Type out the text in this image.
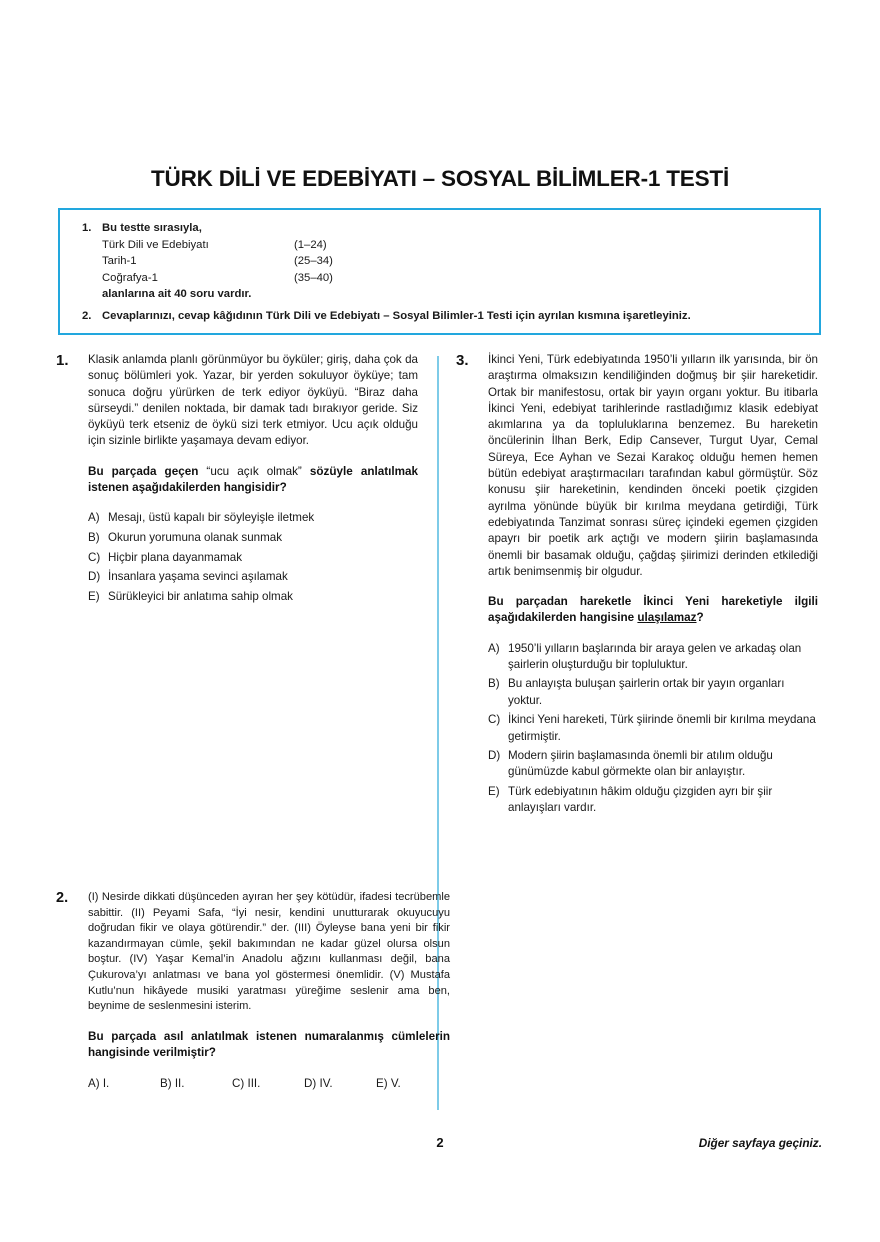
TÜRK DİLİ VE EDEBİYATI – SOSYAL BİLİMLER-1 TESTİ
1. Bu testte sırasıyla,
Türk Dili ve Edebiyatı	(1–24)
Tarih-1	(25–34)
Coğrafya-1	(35–40)
alanlarına ait 40 soru vardır.
2. Cevaplarınızı, cevap kâğıdının Türk Dili ve Edebiyatı – Sosyal Bilimler-1 Testi için ayrılan kısmına işaretleyiniz.
1. Klasik anlamda planlı görünmüyor bu öyküler; giriş, daha çok da sonuç bölümleri yok. Yazar, bir yerden sokuluyor öyküye; tam sonuca doğru yürürken de terk ediyor öyküyü. “Biraz daha sürseydi.” denilen noktada, bir damak tadı bırakıyor geride. Siz öyküyü terk etseniz de öykü sizi terk etmiyor. Ucu açık olduğu için sizinle birlikte yaşamaya devam ediyor.
Bu parçada geçen “ucu açık olmak” sözüyle anlatılmak istenen aşağıdakilerden hangisidir?
A) Mesajı, üstü kapalı bir söyleyişle iletmek
B) Okurun yorumuna olanak sunmak
C) Hiçbir plana dayanmamak
D) İnsanlara yaşama sevinci aşılamak
E) Sürükleyici bir anlatıma sahip olmak
2. (I) Nesirde dikkati düşünceden ayıran her şey kötüdür, ifadesi tecrübemle sabittir. (II) Peyami Safa, “İyi nesir, kendini unutturarak okuyucuyu doğrudan fikir ve olaya götürendir.” der. (III) Öyleyse bana yeni bir fikir kazandırmayan cümle, şekil bakımından ne kadar güzel olursa olsun boştur. (IV) Yaşar Kemal’in Anadolu ağzını kullanması değil, bana Çukurova’yı anlatması ve bana yol göstermesi önemlidir. (V) Mustafa Kutlu’nun hikâyede musiki yaratması yüreğime seslenir ama ben, beynime de seslenmesini isterim.
Bu parçada asıl anlatılmak istenen numaralanmış cümlelerin hangisinde verilmiştir?
A) I.	B) II.	C) III.	D) IV.	E) V.
3. İkinci Yeni, Türk edebiyatında 1950’li yılların ilk yarısında, bir ön araştırma olmaksızın kendiliğinden doğmuş bir şiir hareketidir. Ortak bir manifestosu, ortak bir yayın organı yoktur. Bu itibarla İkinci Yeni, edebiyat tarihlerinde rastladığımız klasik edebiyat akımlarına ya da topluluklarına benzemez. Bu hareketin öncülerinin İlhan Berk, Edip Cansever, Turgut Uyar, Cemal Süreya, Ece Ayhan ve Sezai Karakoç olduğu hemen hemen bütün edebiyat araştırmacıları tarafından kabul görmüştür. Söz konusu şiir hareketinin, kendinden önceki poetik çizgiden ayrılma yönünde büyük bir kırılma meydana getirdiği, Türk edebiyatında Tanzimat sonrası süreç içindeki egemen çizgiden apayrı bir poetik ark açtığı ve modern şiirin başlamasında önemli bir basamak olduğu, çağdaş şiirimizi derinden etkilediği artık benimsenmiş bir olgudur.
Bu parçadan hareketle İkinci Yeni hareketiyle ilgili aşağıdakilerden hangisine ulaşılamaz?
A) 1950’li yılların başlarında bir araya gelen ve arkadaş olan şairlerin oluşturduğu bir topluluktur.
B) Bu anlayışta buluşan şairlerin ortak bir yayın organları yoktur.
C) İkinci Yeni hareketi, Türk şiirinde önemli bir kırılma meydana getirmiştir.
D) Modern şiirin başlamasında önemli bir atılım olduğu günümüzde kabul görmekte olan bir anlayıştır.
E) Türk edebiyatının hâkim olduğu çizgiden ayrı bir şiir anlayışları vardır.
2	Diğer sayfaya geçiniz.
